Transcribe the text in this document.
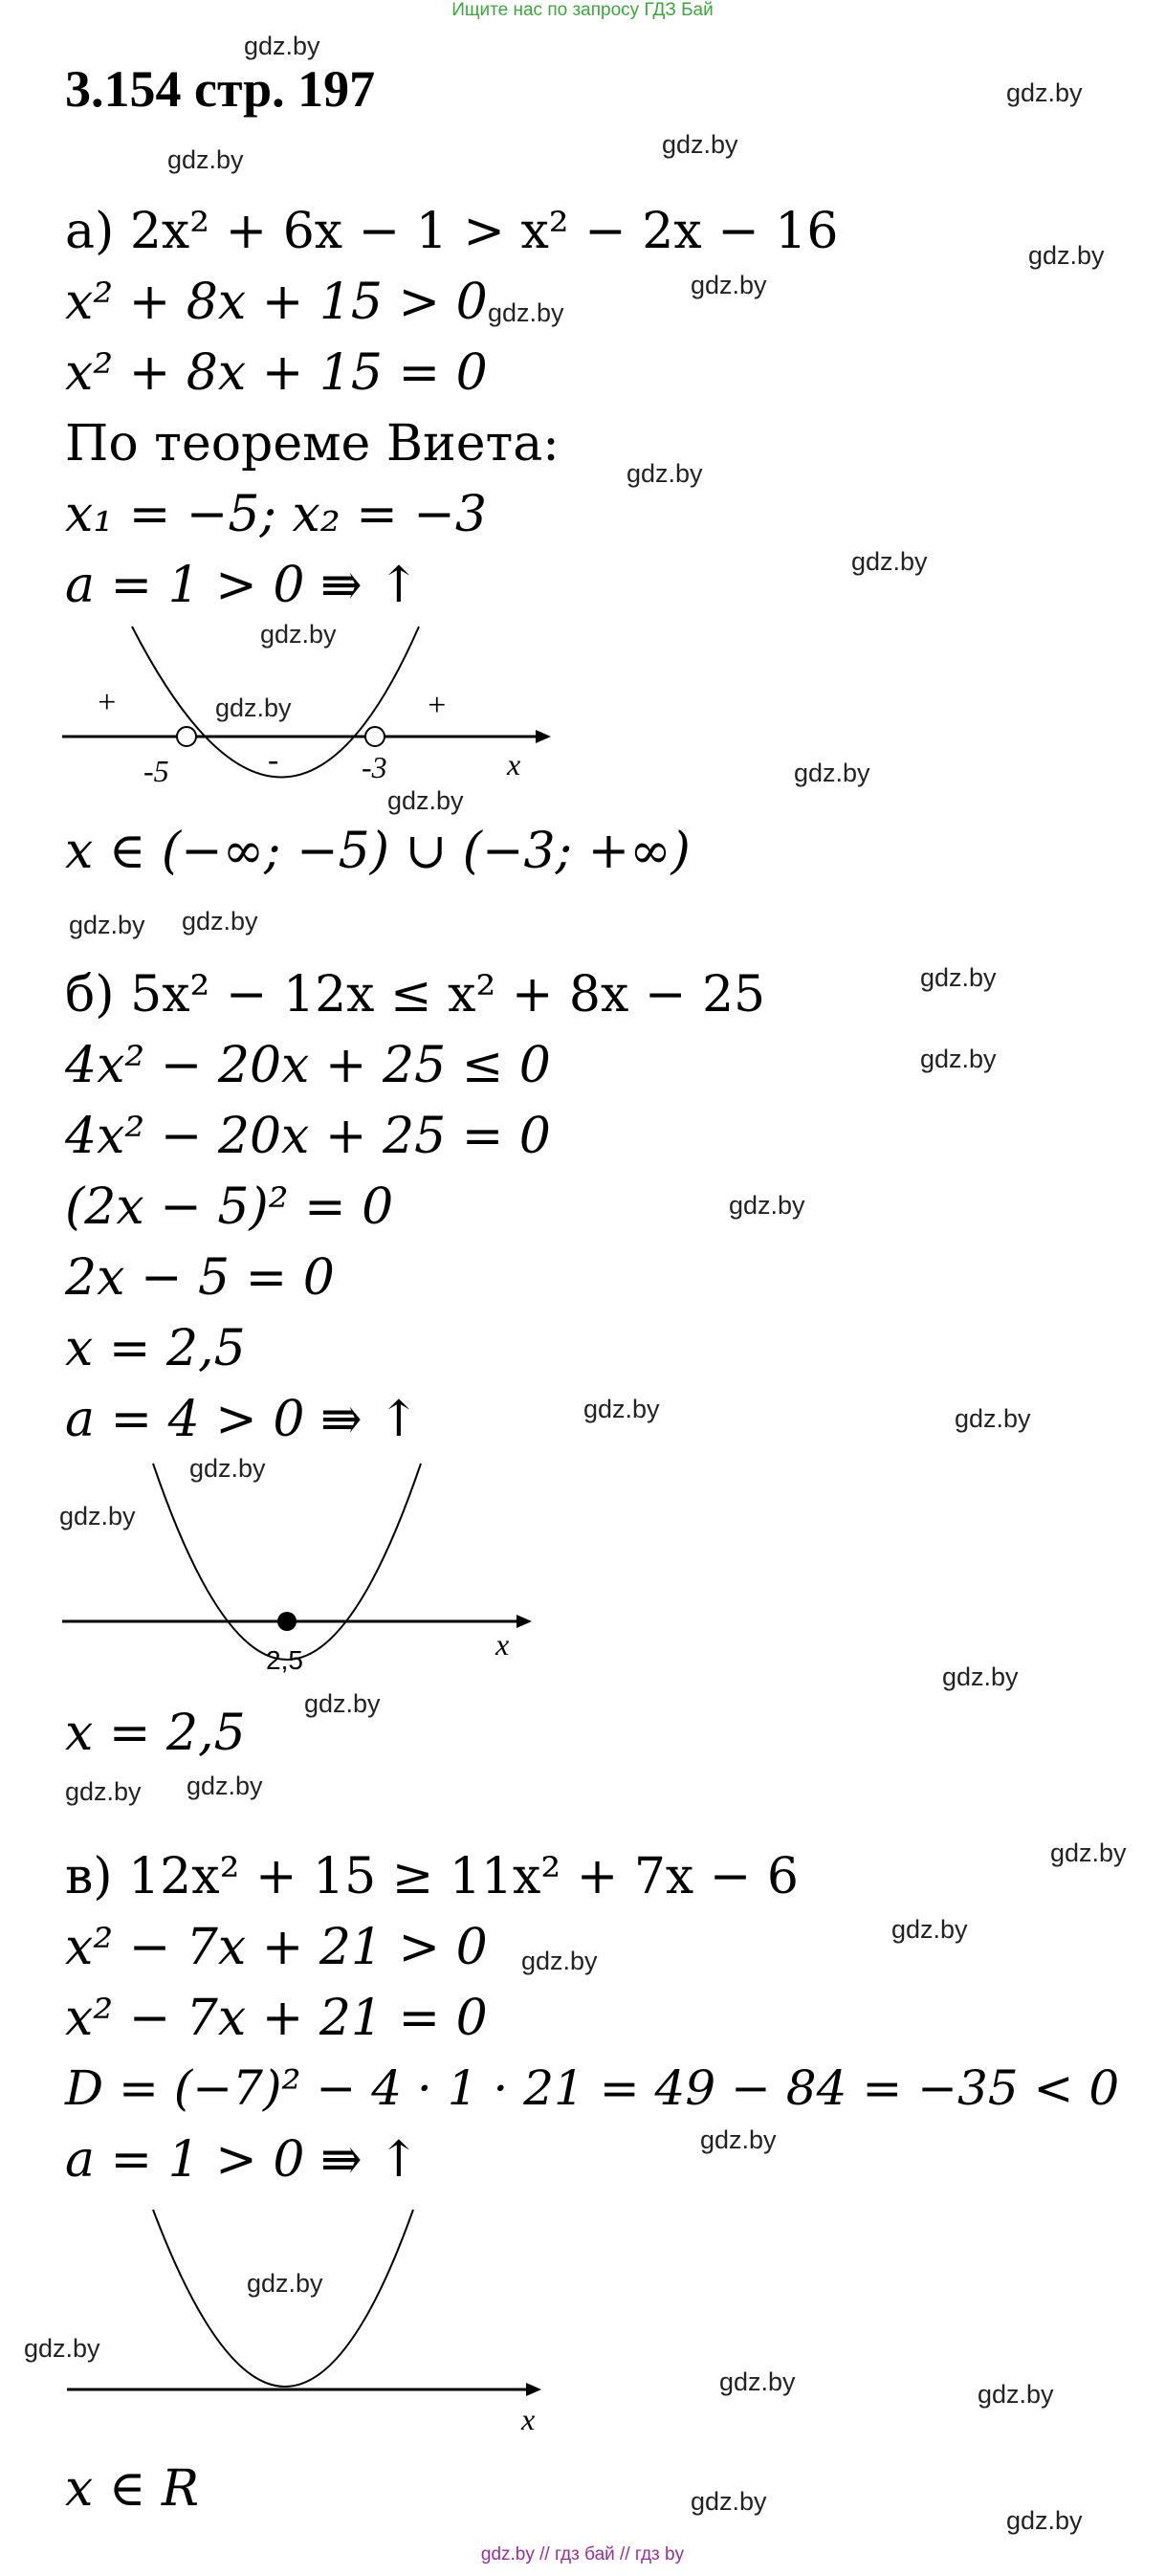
Ищите нас по запросу ГДЗ Бай
3.154 стр. 197
а) 2x² + 6x − 1 > x² − 2x − 16
x² + 8x + 15 > 0
x² + 8x + 15 = 0
По теореме Виета:
x₁ = −5; x₂ = −3
a = 1 > 0 ⇛ ↑
+
-
+
-5	-3	x
x ∈ (−∞; −5) ∪ (−3; +∞)
б) 5x² − 12x ≤ x² + 8x − 25
4x² − 20x + 25 ≤ 0
4x² − 20x + 25 = 0
(2x − 5)² = 0
2x − 5 = 0
x = 2,5
a = 4 > 0 ⇛ ↑
2,5	x
x = 2,5
в) 12x² + 15 ≥ 11x² + 7x − 6
x² − 7x + 21 > 0
x² − 7x + 21 = 0
D = (−7)² − 4 · 1 · 21 = 49 − 84 = −35 < 0
a = 1 > 0 ⇛ ↑
x
x ∈ R
gdz.by
gdz.by
gdz.by
gdz.by
gdz.by
gdz.by
gdz.by
gdz.by
gdz.by
gdz.by
gdz.by
gdz.by
gdz.by
gdz.by gdz.by
gdz.by
gdz.by
gdz.by
gdz.by	gdz.by
gdz.by
gdz.by
gdz.by
gdz.by
gdz.by gdz.by
gdz.by
gdz.by
gdz.by
gdz.by
gdz.by
gdz.by
gdz.by	gdz.by
gdz.by
gdz.by
gdz.by // гдз бай // гдз by
